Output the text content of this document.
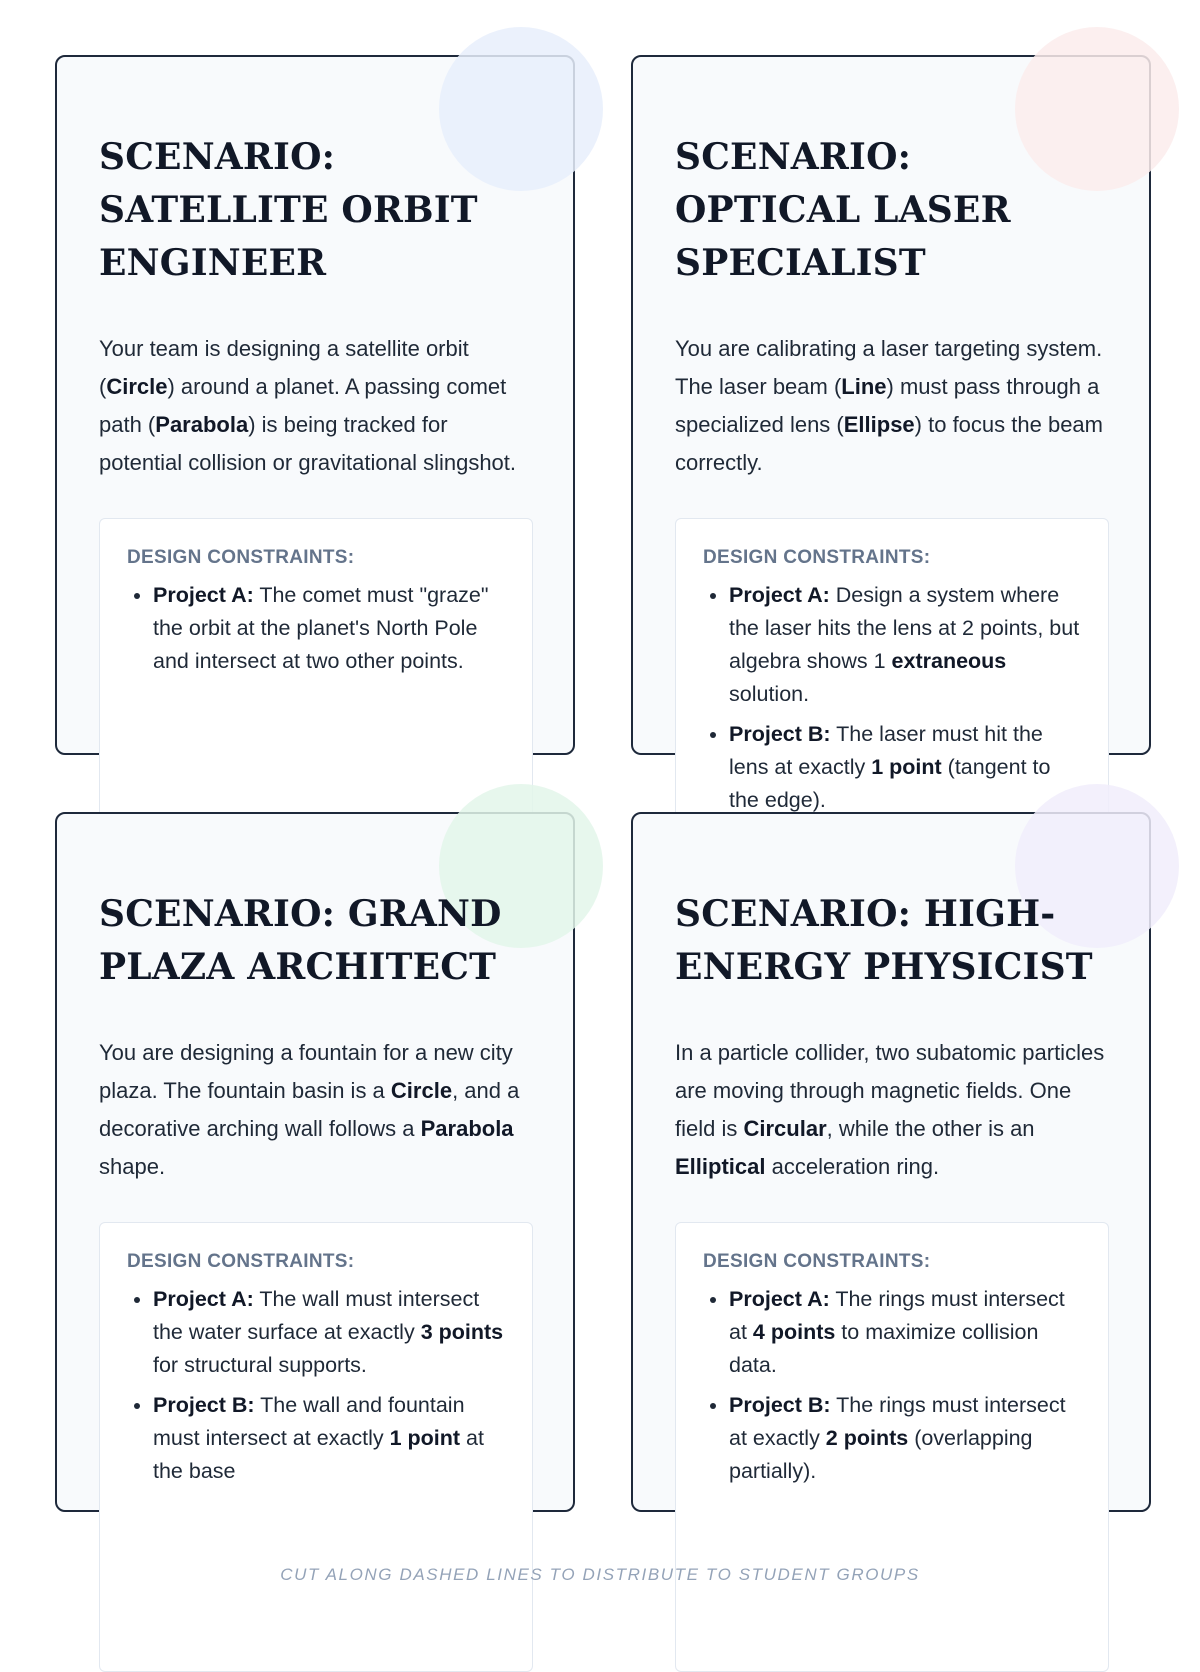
SCENARIO: SATELLITE ORBIT ENGINEER

Your team is designing a satellite orbit (Circle) around a planet. A passing comet path (Parabola) is being tracked for potential collision or gravitational slingshot.

DESIGN CONSTRAINTS:
• Project A: The comet must "graze" the orbit at the planet's North Pole and intersect at two other points.
SCENARIO: OPTICAL LASER SPECIALIST

You are calibrating a laser targeting system. The laser beam (Line) must pass through a specialized lens (Ellipse) to focus the beam correctly.

DESIGN CONSTRAINTS:
• Project A: Design a system where the laser hits the lens at 2 points, but algebra shows 1 extraneous solution.
• Project B: The laser must hit the lens at exactly 1 point (tangent to the edge).
SCENARIO: GRAND PLAZA ARCHITECT

You are designing a fountain for a new city plaza. The fountain basin is a Circle, and a decorative arching wall follows a Parabola shape.

DESIGN CONSTRAINTS:
• Project A: The wall must intersect the water surface at exactly 3 points for structural supports.
• Project B: The wall and fountain must intersect at exactly 1 point at the base
SCENARIO: HIGH-ENERGY PHYSICIST

In a particle collider, two subatomic particles are moving through magnetic fields. One field is Circular, while the other is an Elliptical acceleration ring.

DESIGN CONSTRAINTS:
• Project A: The rings must intersect at 4 points to maximize collision data.
• Project B: The rings must intersect at exactly 2 points (overlapping partially).
CUT ALONG DASHED LINES TO DISTRIBUTE TO STUDENT GROUPS
